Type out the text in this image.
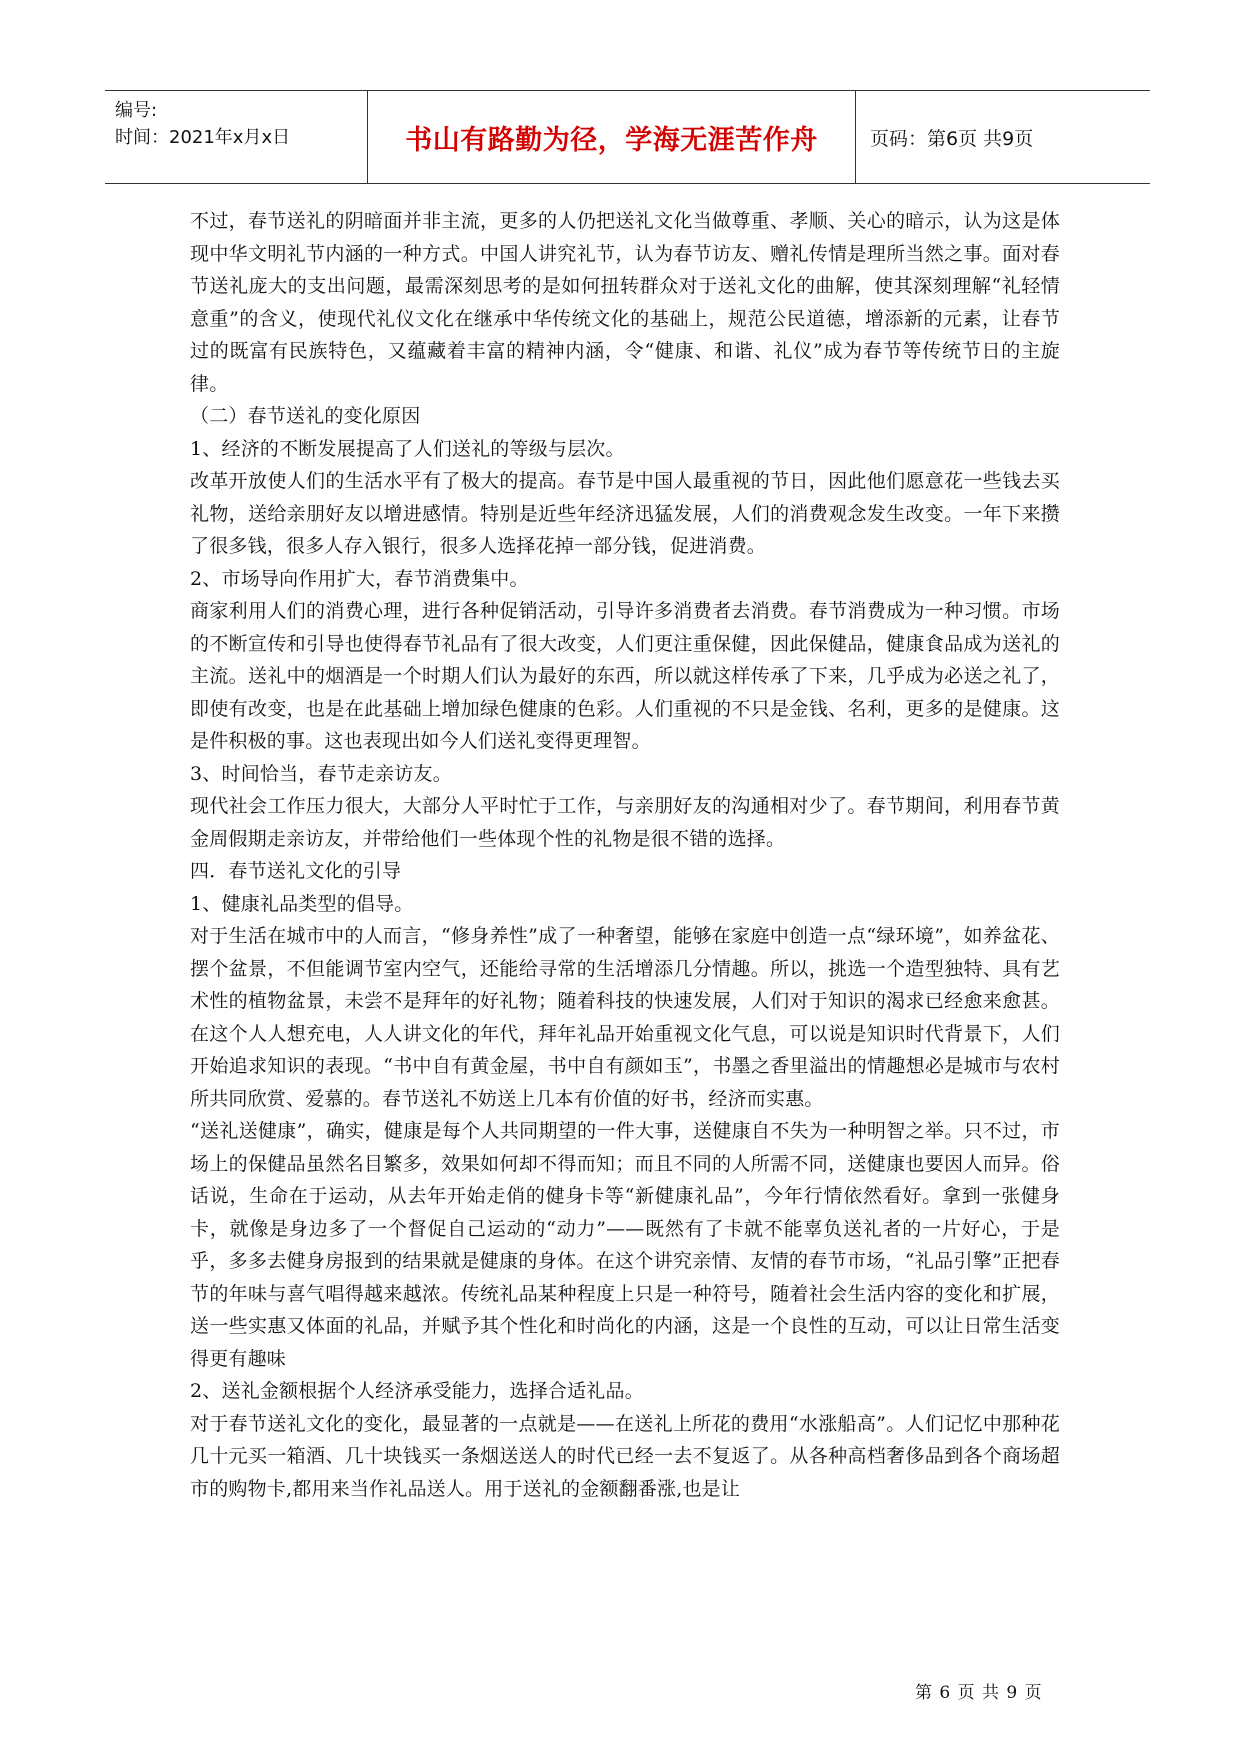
编号:
时间：2021年x月x日	书山有路勤为径，学海无涯苦作舟	页码：第6页 共9页

不过，春节送礼的阴暗面并非主流，更多的人仍把送礼文化当做尊重、孝顺、关心的暗示，认为这是体现中华文明礼节内涵的一种方式。中国人讲究礼节，认为春节访友、赠礼传情是理所当然之事。面对春节送礼庞大的支出问题，最需深刻思考的是如何扭转群众对于送礼文化的曲解，使其深刻理解“礼轻情意重”的含义，使现代礼仪文化在继承中华传统文化的基础上，规范公民道德，增添新的元素，让春节过的既富有民族特色，又蕴藏着丰富的精神内涵，令“健康、和谐、礼仪”成为春节等传统节日的主旋律。

（二）春节送礼的变化原因

1、经济的不断发展提高了人们送礼的等级与层次。

改革开放使人们的生活水平有了极大的提高。春节是中国人最重视的节日，因此他们愿意花一些钱去买礼物，送给亲朋好友以增进感情。特别是近些年经济迅猛发展，人们的消费观念发生改变。一年下来攒了很多钱，很多人存入银行，很多人选择花掉一部分钱，促进消费。

2、市场导向作用扩大，春节消费集中。

商家利用人们的消费心理，进行各种促销活动，引导许多消费者去消费。春节消费成为一种习惯。市场的不断宣传和引导也使得春节礼品有了很大改变，人们更注重保健，因此保健品，健康食品成为送礼的主流。送礼中的烟酒是一个时期人们认为最好的东西，所以就这样传承了下来，几乎成为必送之礼了，即使有改变，也是在此基础上增加绿色健康的色彩。人们重视的不只是金钱、名利，更多的是健康。这是件积极的事。这也表现出如今人们送礼变得更理智。

3、时间恰当，春节走亲访友。

现代社会工作压力很大，大部分人平时忙于工作，与亲朋好友的沟通相对少了。春节期间，利用春节黄金周假期走亲访友，并带给他们一些体现个性的礼物是很不错的选择。

四．春节送礼文化的引导

1、健康礼品类型的倡导。

对于生活在城市中的人而言，“修身养性”成了一种奢望，能够在家庭中创造一点“绿环境”，如养盆花、摆个盆景，不但能调节室内空气，还能给寻常的生活增添几分情趣。所以，挑选一个造型独特、具有艺术性的植物盆景，未尝不是拜年的好礼物；随着科技的快速发展，人们对于知识的渴求已经愈来愈甚。在这个人人想充电，人人讲文化的年代，拜年礼品开始重视文化气息，可以说是知识时代背景下，人们开始追求知识的表现。“书中自有黄金屋，书中自有颜如玉”，书墨之香里溢出的情趣想必是城市与农村所共同欣赏、爱慕的。春节送礼不妨送上几本有价值的好书，经济而实惠。

“送礼送健康”，确实，健康是每个人共同期望的一件大事，送健康自不失为一种明智之举。只不过，市场上的保健品虽然名目繁多，效果如何却不得而知；而且不同的人所需不同，送健康也要因人而异。俗话说，生命在于运动，从去年开始走俏的健身卡等“新健康礼品”，今年行情依然看好。拿到一张健身卡，就像是身边多了一个督促自己运动的“动力”——既然有了卡就不能辜负送礼者的一片好心，于是乎，多多去健身房报到的结果就是健康的身体。在这个讲究亲情、友情的春节市场，“礼品引擎”正把春节的年味与喜气唱得越来越浓。传统礼品某种程度上只是一种符号，随着社会生活内容的变化和扩展，送一些实惠又体面的礼品，并赋予其个性化和时尚化的内涵，这是一个良性的互动，可以让日常生活变得更有趣味

2、送礼金额根据个人经济承受能力，选择合适礼品。

对于春节送礼文化的变化，最显著的一点就是——在送礼上所花的费用“水涨船高”。人们记忆中那种花几十元买一箱酒、几十块钱买一条烟送送人的时代已经一去不复返了。从各种高档奢侈品到各个商场超市的购物卡,都用来当作礼品送人。用于送礼的金额翻番涨,也是让

第 6 页 共 9 页
